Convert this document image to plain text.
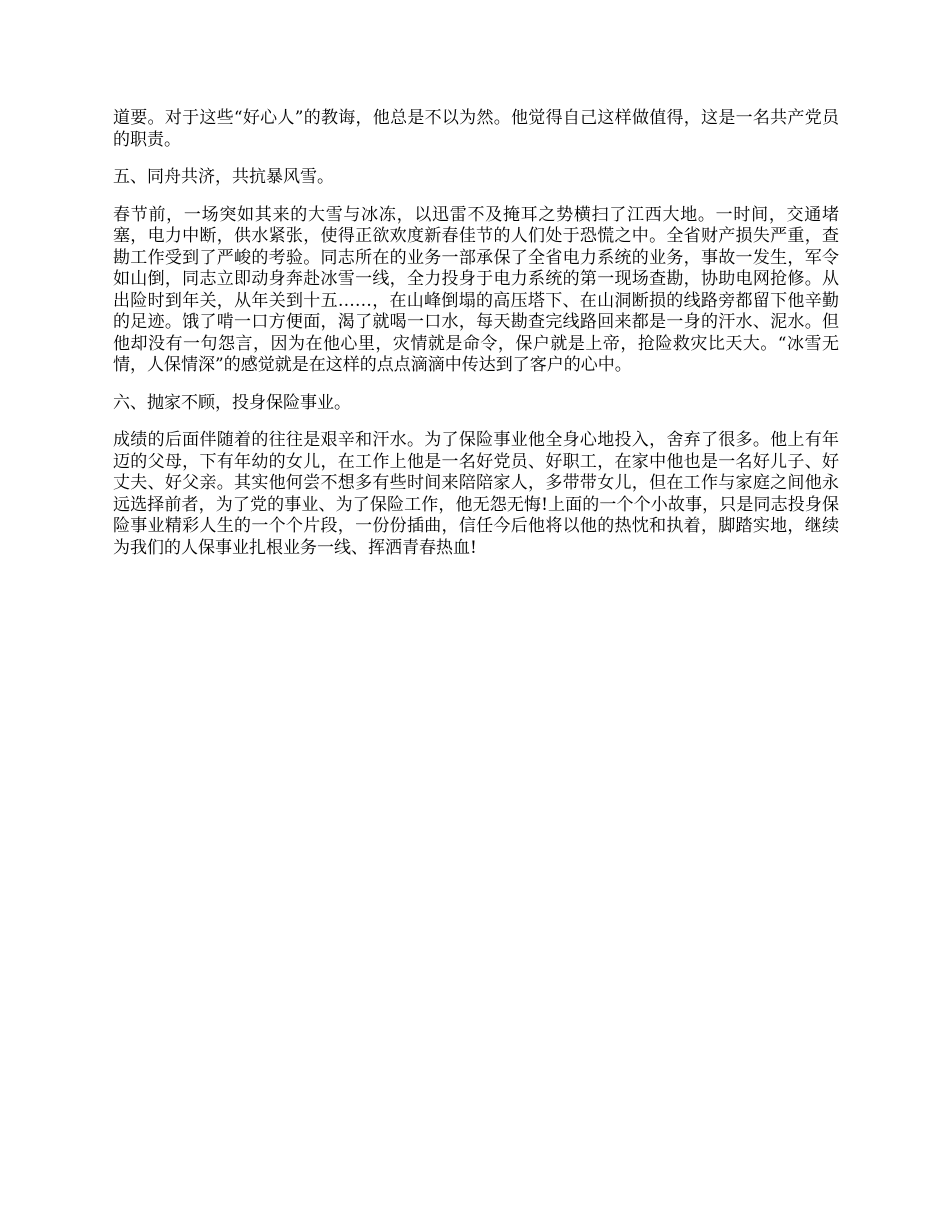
道要。对于这些“好心人”的教诲，他总是不以为然。他觉得自己这样做值得，这是一名共产党员的职责。

五、同舟共济，共抗暴风雪。

春节前，一场突如其来的大雪与冰冻，以迅雷不及掩耳之势横扫了江西大地。一时间，交通堵塞，电力中断，供水紧张，使得正欲欢度新春佳节的人们处于恐慌之中。全省财产损失严重，查勘工作受到了严峻的考验。同志所在的业务一部承保了全省电力系统的业务，事故一发生，军令如山倒，同志立即动身奔赴冰雪一线，全力投身于电力系统的第一现场查勘，协助电网抢修。从出险时到年关，从年关到十五……，在山峰倒塌的高压塔下、在山洞断损的线路旁都留下他辛勤的足迹。饿了啃一口方便面，渴了就喝一口水，每天勘查完线路回来都是一身的汗水、泥水。但他却没有一句怨言，因为在他心里，灾情就是命令，保户就是上帝，抢险救灾比天大。“冰雪无情，人保情深”的感觉就是在这样的点点滴滴中传达到了客户的心中。

六、抛家不顾，投身保险事业。

成绩的后面伴随着的往往是艰辛和汗水。为了保险事业他全身心地投入，舍弃了很多。他上有年迈的父母，下有年幼的女儿，在工作上他是一名好党员、好职工，在家中他也是一名好儿子、好丈夫、好父亲。其实他何尝不想多有些时间来陪陪家人，多带带女儿，但在工作与家庭之间他永远选择前者，为了党的事业、为了保险工作，他无怨无悔!上面的一个个小故事，只是同志投身保险事业精彩人生的一个个片段，一份份插曲，信任今后他将以他的热忱和执着，脚踏实地，继续为我们的人保事业扎根业务一线、挥洒青春热血!
